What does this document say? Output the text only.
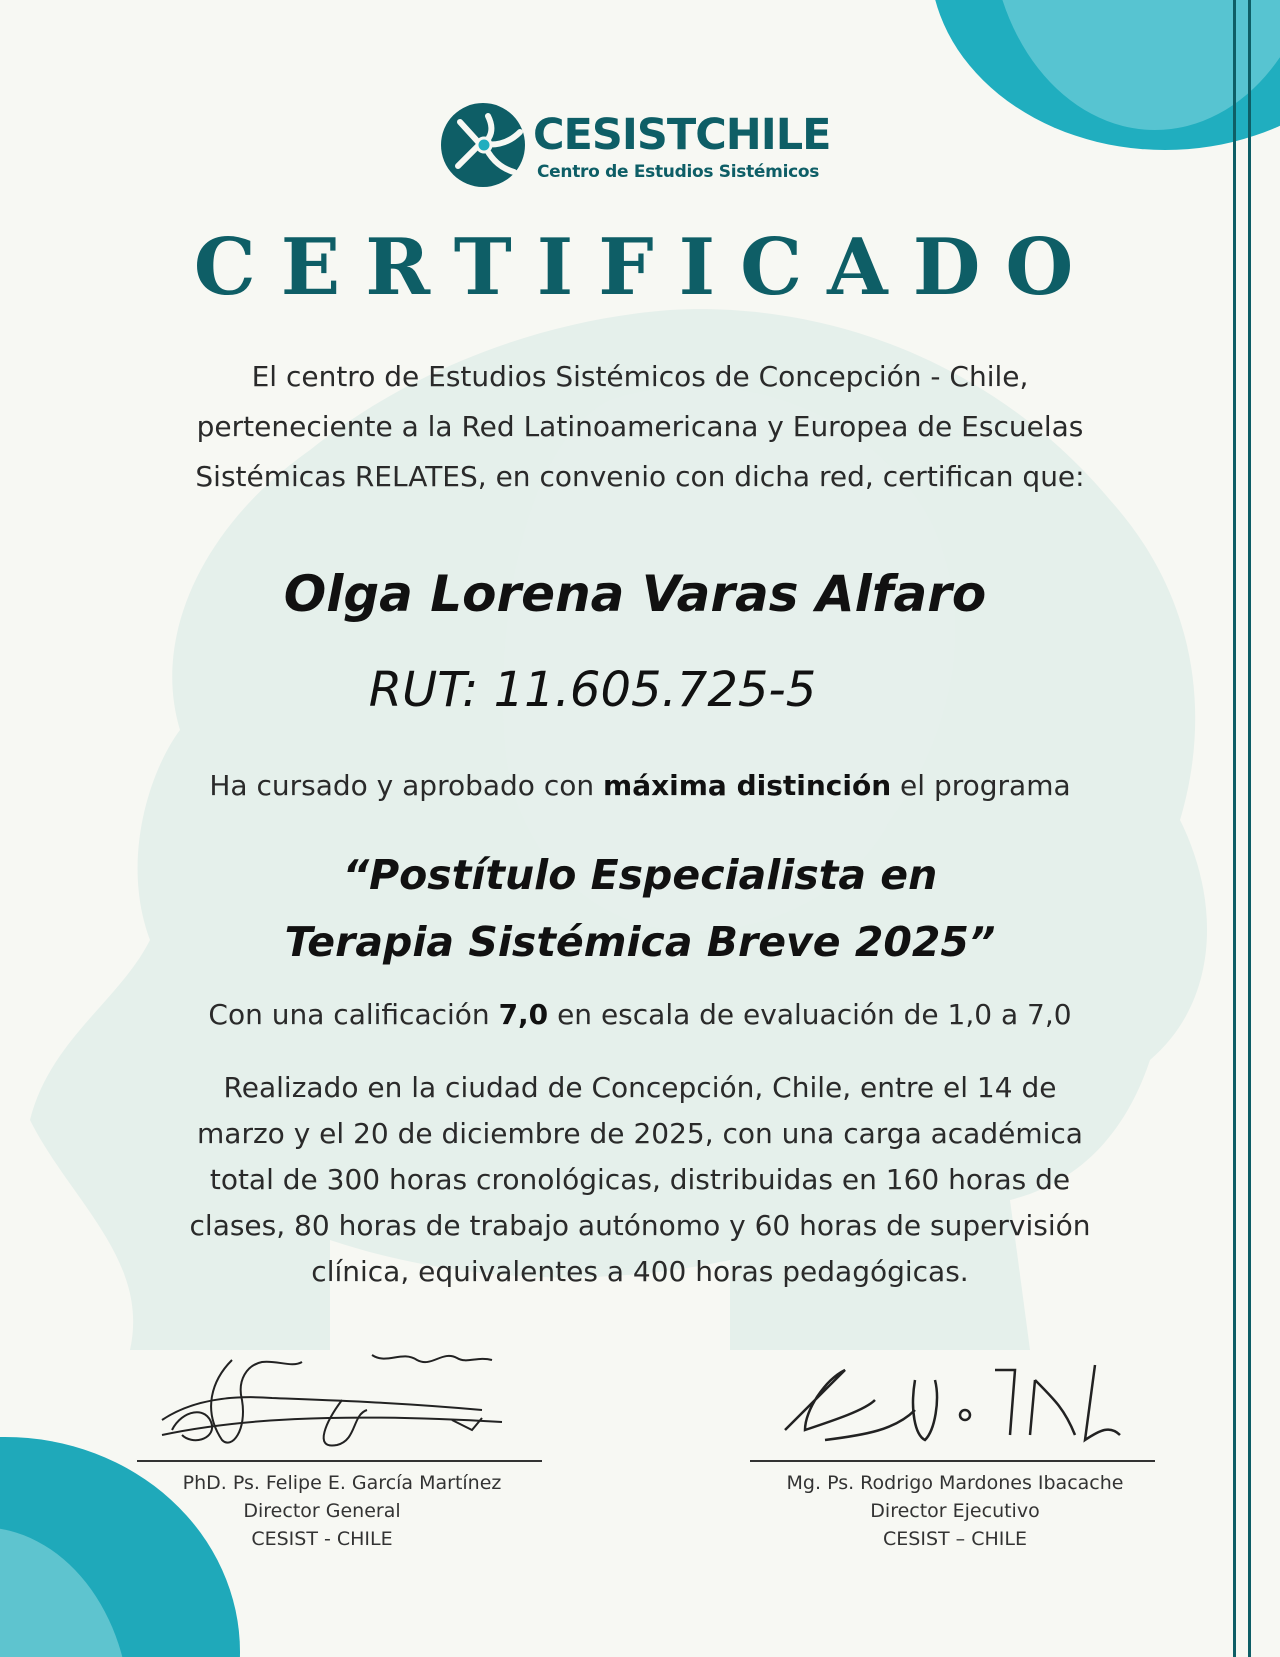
CESISTCHILE
Centro de Estudios Sistémicos
CERTIFICADO
El centro de Estudios Sistémicos de Concepción - Chile,
perteneciente a la Red Latinoamericana y Europea de Escuelas
Sistémicas RELATES, en convenio con dicha red, certifican que:
Olga Lorena Varas Alfaro
RUT: 11.605.725-5
Ha cursado y aprobado con máxima distinción el programa
“Postítulo Especialista en
Terapia Sistémica Breve 2025”
Con una calificación 7,0 en escala de evaluación de 1,0 a 7,0
Realizado en la ciudad de Concepción, Chile, entre el 14 de
marzo y el 20 de diciembre de 2025, con una carga académica
total de 300 horas cronológicas, distribuidas en 160 horas de
clases, 80 horas de trabajo autónomo y 60 horas de supervisión
clínica, equivalentes a 400 horas pedagógicas.
PhD. Ps. Felipe E. García Martínez
Director General
CESIST - CHILE
Mg. Ps. Rodrigo Mardones Ibacache
Director Ejecutivo
CESIST – CHILE
